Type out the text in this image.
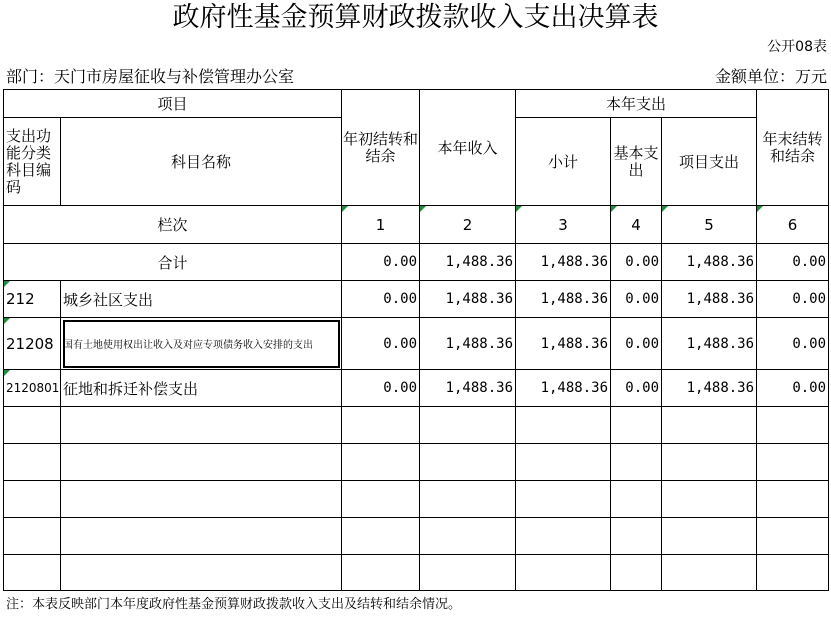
政府性基金预算财政拨款收入支出决算表
公开08表
部门：天门市房屋征收与补偿管理办公室	金额单位：万元
项目		年初结转和结余	本年收入	本年支出			年末结转和结余
支出功能分类科目编码	科目名称			小计	基本支出	项目支出	
栏次		1	2	3	4	5	6
合计		0.00	1,488.36	1,488.36	0.00	1,488.36	0.00
212	城乡社区支出	0.00	1,488.36	1,488.36	0.00	1,488.36	0.00
21208	国有土地使用权出让收入及对应专项债务收入安排的支出	0.00	1,488.36	1,488.36	0.00	1,488.36	0.00
2120801	征地和拆迁补偿支出	0.00	1,488.36	1,488.36	0.00	1,488.36	0.00

注：本表反映部门本年度政府性基金预算财政拨款收入支出及结转和结余情况。
